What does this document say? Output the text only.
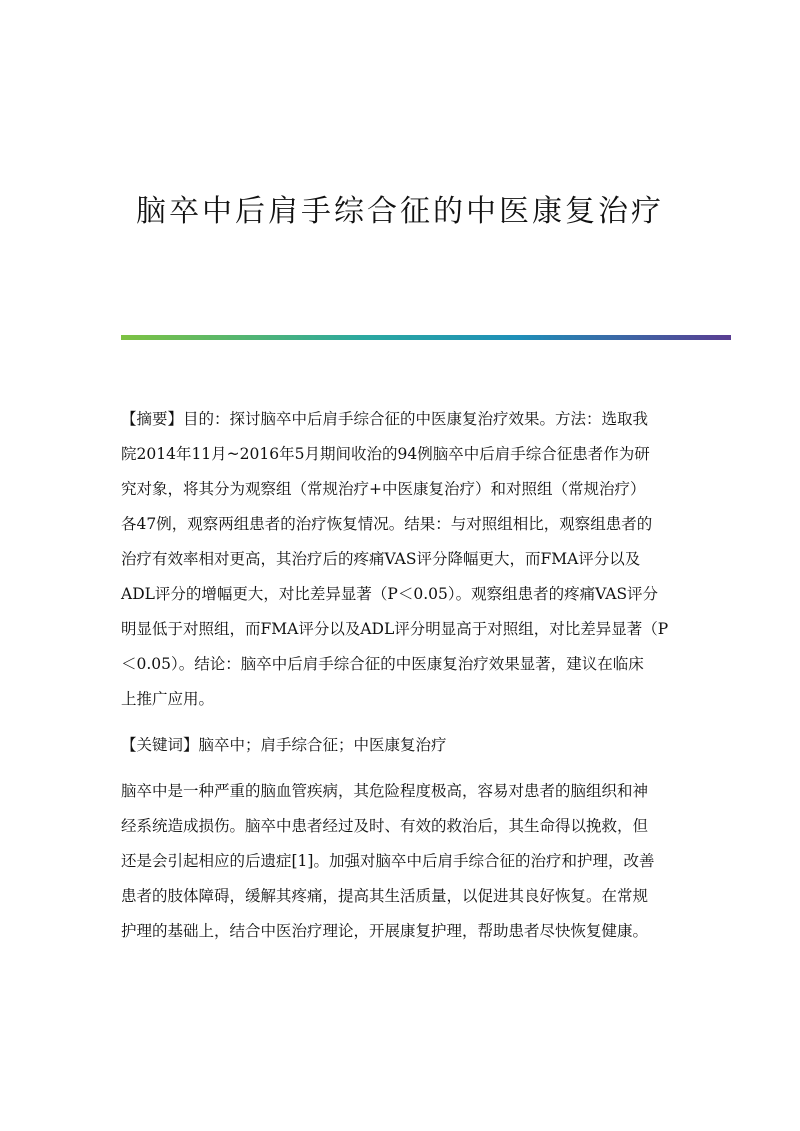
脑卒中后肩手综合征的中医康复治疗

【摘要】目的：探讨脑卒中后肩手综合征的中医康复治疗效果。方法：选取我

院2014年11月~2016年5月期间收治的94例脑卒中后肩手综合征患者作为研

究对象，将其分为观察组（常规治疗+中医康复治疗）和对照组（常规治疗）

各47例，观察两组患者的治疗恢复情况。结果：与对照组相比，观察组患者的

治疗有效率相对更高，其治疗后的疼痛VAS评分降幅更大，而FMA评分以及

ADL评分的增幅更大，对比差异显著（P＜0.05）。观察组患者的疼痛VAS评分

明显低于对照组，而FMA评分以及ADL评分明显高于对照组，对比差异显著（P

＜0.05）。结论：脑卒中后肩手综合征的中医康复治疗效果显著，建议在临床

上推广应用。

【关键词】脑卒中；肩手综合征；中医康复治疗

脑卒中是一种严重的脑血管疾病，其危险程度极高，容易对患者的脑组织和神

经系统造成损伤。脑卒中患者经过及时、有效的救治后，其生命得以挽救，但

还是会引起相应的后遗症[1]。加强对脑卒中后肩手综合征的治疗和护理，改善

患者的肢体障碍，缓解其疼痛，提高其生活质量，以促进其良好恢复。在常规

护理的基础上，结合中医治疗理论，开展康复护理，帮助患者尽快恢复健康。
